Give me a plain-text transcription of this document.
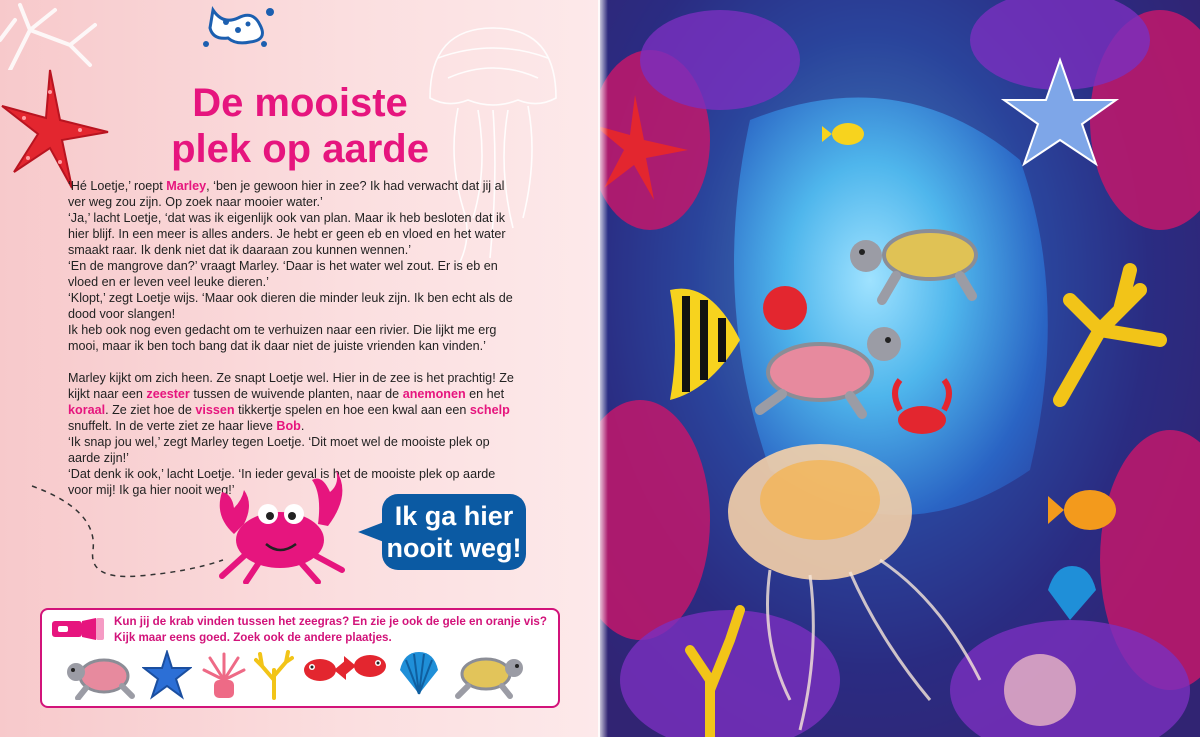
De mooiste
plek op aarde

‘Hé Loetje,’ roept Marley, ‘ben je gewoon hier in zee? Ik had verwacht dat jij al ver weg zou zijn. Op zoek naar mooier water.’

‘Ja,’ lacht Loetje, ‘dat was ik eigenlijk ook van plan. Maar ik heb besloten dat ik hier blijf. In een meer is alles anders. Je hebt er geen eb en vloed en het water smaakt raar. Ik denk niet dat ik daaraan zou kunnen wennen.’

‘En de mangrove dan?’ vraagt Marley. ‘Daar is het water wel zout. Er is eb en vloed en er leven veel leuke dieren.’

‘Klopt,’ zegt Loetje wijs. ‘Maar ook dieren die minder leuk zijn. Ik ben echt als de dood voor slangen!

Ik heb ook nog even gedacht om te verhuizen naar een rivier. Die lijkt me erg mooi, maar ik ben toch bang dat ik daar niet de juiste vrienden kan vinden.’

Marley kijkt om zich heen. Ze snapt Loetje wel. Hier in de zee is het prachtig! Ze kijkt naar een zeester tussen de wuivende planten, naar de anemonen en het koraal. Ze ziet hoe de vissen tikkertje spelen en hoe een kwal aan een schelp snuffelt. In de verte ziet ze haar lieve Bob.

‘Ik snap jou wel,’ zegt Marley tegen Loetje. ‘Dit moet wel de mooiste plek op aarde zijn!’

‘Dat denk ik ook,’ lacht Loetje. ‘In ieder geval is het de mooiste plek op aarde voor mij! Ik ga hier nooit weg!’

Ik ga hier
nooit weg!
Kun jij de krab vinden tussen het zeegras? En zie je ook de gele en oranje vis?
Kijk maar eens goed. Zoek ook de andere plaatjes.
